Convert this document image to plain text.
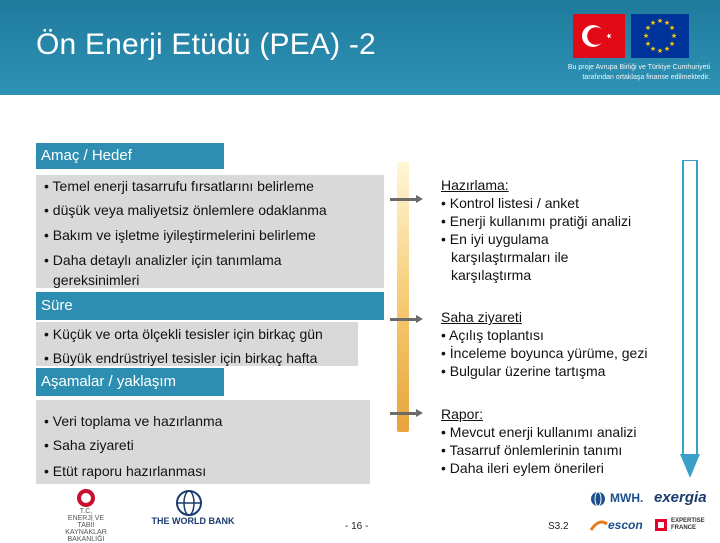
Ön Enerji Etüdü (PEA) -2
★ ★
★
★
★
★
★
★
★
★
★
★
Bu proje Avrupa Birliği ve Türkiye Cumhuriyeti
tarafından ortaklaşa finanse edilmektedir.
Amaç / Hedef
• Temel enerji tasarrufu fırsatlarını belirleme
• düşük veya maliyetsiz önlemlere odaklanma
• Bakım ve işletme iyileştirmelerini belirleme
• Daha detaylı analizler için tanımlama
gereksinimleri
Süre
• Küçük ve orta ölçekli tesisler için birkaç gün
• Büyük endrüstriyel tesisler için birkaç hafta
Aşamalar / yaklaşım
• Veri toplama ve hazırlanma
• Saha ziyareti
• Etüt raporu hazırlanması
Hazırlama:
• Kontrol listesi / anket
• Enerji kullanımı pratiği analizi
• En iyi uygulama
karşılaştırmaları ile
karşılaştırma
Saha ziyareti
• Açılış toplantısı
• İnceleme boyunca yürüme, gezi
• Bulgular üzerine tartışma
Rapor:
• Mevcut enerji kullanımı analizi
• Tasarruf önlemlerinin tanımı
• Daha ileri eylem önerileri
T.C.
ENERJİ VE
TABİİ KAYNAKLAR
BAKANLIĞI
THE WORLD BANK	- 16 -	S3.2
MWH. exergia
escon	EXPERTISE FRANCE
